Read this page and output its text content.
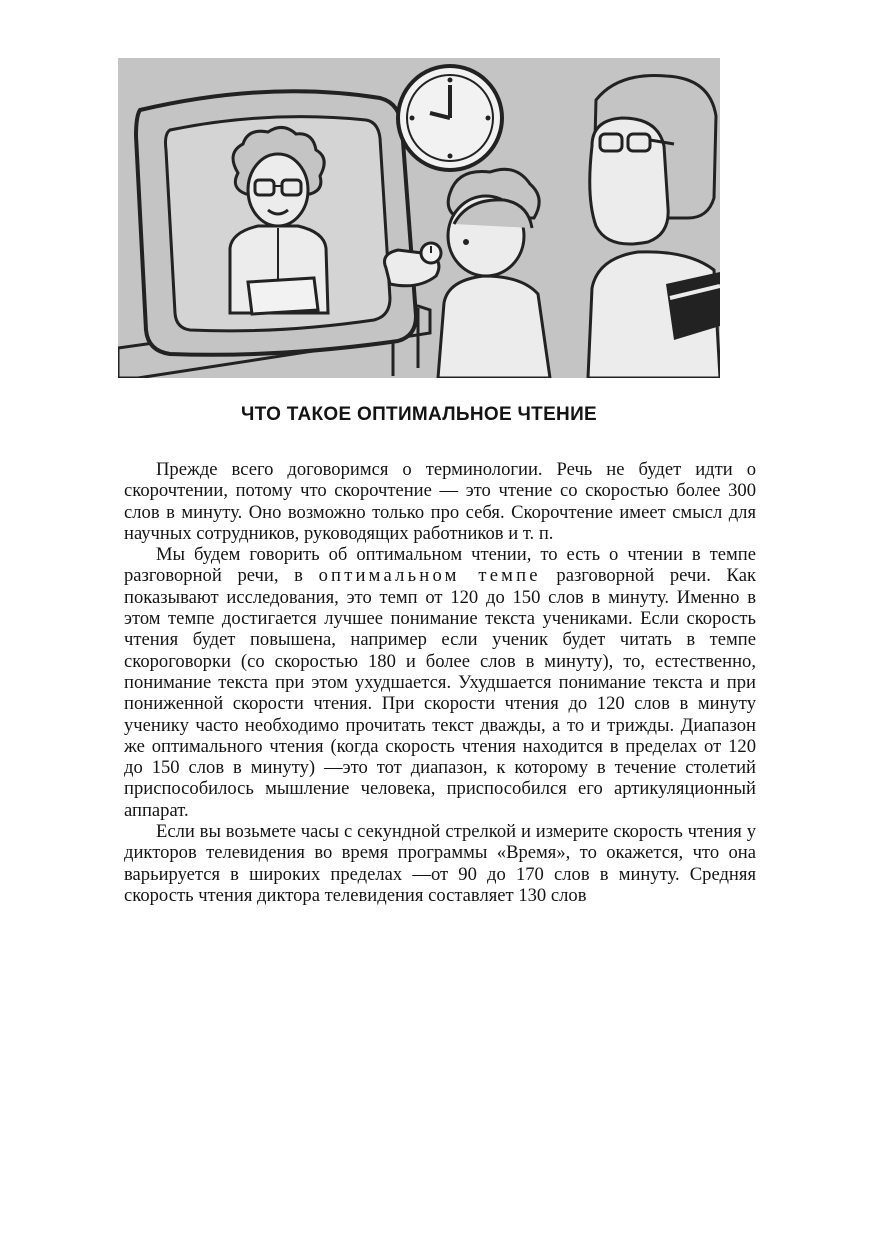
ЧТО ТАКОЕ ОПТИМАЛЬНОЕ ЧТЕНИЕ

Прежде всего договоримся о терминологии. Речь не будет идти о скорочтении, потому что скорочтение — это чтение со скоростью более 300 слов в минуту. Оно возможно только про себя. Скорочтение имеет смысл для научных сотрудников, руководящих работников и т. п.

Мы будем говорить об оптимальном чтении, то есть о чтении в темпе разговорной речи, в оптимальном темпе разговорной речи. Как показывают исследования, это темп от 120 до 150 слов в минуту. Именно в этом темпе достигается лучшее понимание текста учениками. Если скорость чтения будет повышена, например если ученик будет читать в темпе скороговорки (со скоростью 180 и более слов в минуту), то, естественно, понимание текста при этом ухудшается. Ухудшается понимание текста и при пониженной скорости чтения. При скорости чтения до 120 слов в минуту ученику часто необходимо прочитать текст дважды, а то и трижды. Диапазон же оптимального чтения (когда скорость чтения находится в пределах от 120 до 150 слов в минуту) —это тот диапазон, к которому в течение столетий приспособилось мышление человека, приспособился его артикуляционный аппарат.

Если вы возьмете часы с секундной стрелкой и измерите скорость чтения у дикторов телевидения во время программы «Время», то окажется, что она варьируется в широких пределах —от 90 до 170 слов в минуту. Средняя скорость чтения диктора телевидения составляет 130 слов
